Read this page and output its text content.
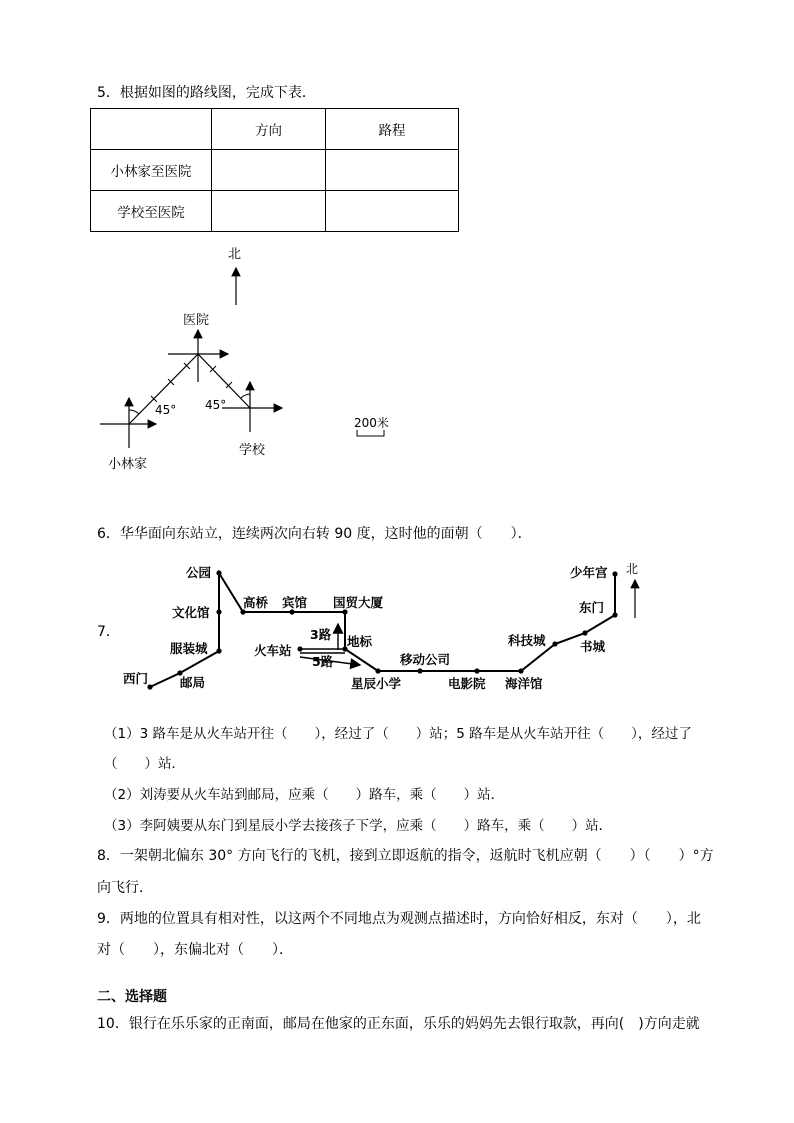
5．根据如图的路线图，完成下表．
	方向	路程
小林家至医院		
学校至医院		
北
医院
小林家
学校
45° 45°
200米
6．华华面向东站立，连续两次向右转 90 度，这时他的面朝（　　）．
7．
北
公园
文化馆
服装城
西门	邮局
高桥 宾馆 国贸大厦
3路 地标
火车站
5路
星辰小学
移动公司
电影院 海洋馆
科技城	书城
东门
少年宫
（1）3 路车是从火车站开往（　　），经过了（　　）站；5 路车是从火车站开往（　　），经过了
（　　）站．
（2）刘涛要从火车站到邮局，应乘（　　）路车，乘（　　）站．
（3）李阿姨要从东门到星辰小学去接孩子下学，应乘（　　）路车，乘（　　）站．
8．一架朝北偏东 30° 方向飞行的飞机，接到立即返航的指令，返航时飞机应朝（　　）（　　）°方
向飞行．
9．两地的位置具有相对性，以这两个不同地点为观测点描述时，方向恰好相反，东对（　　），北
对（　　），东偏北对（　　）．
二、选择题
10．银行在乐乐家的正南面，邮局在他家的正东面，乐乐的妈妈先去银行取款，再向(　)方向走就
